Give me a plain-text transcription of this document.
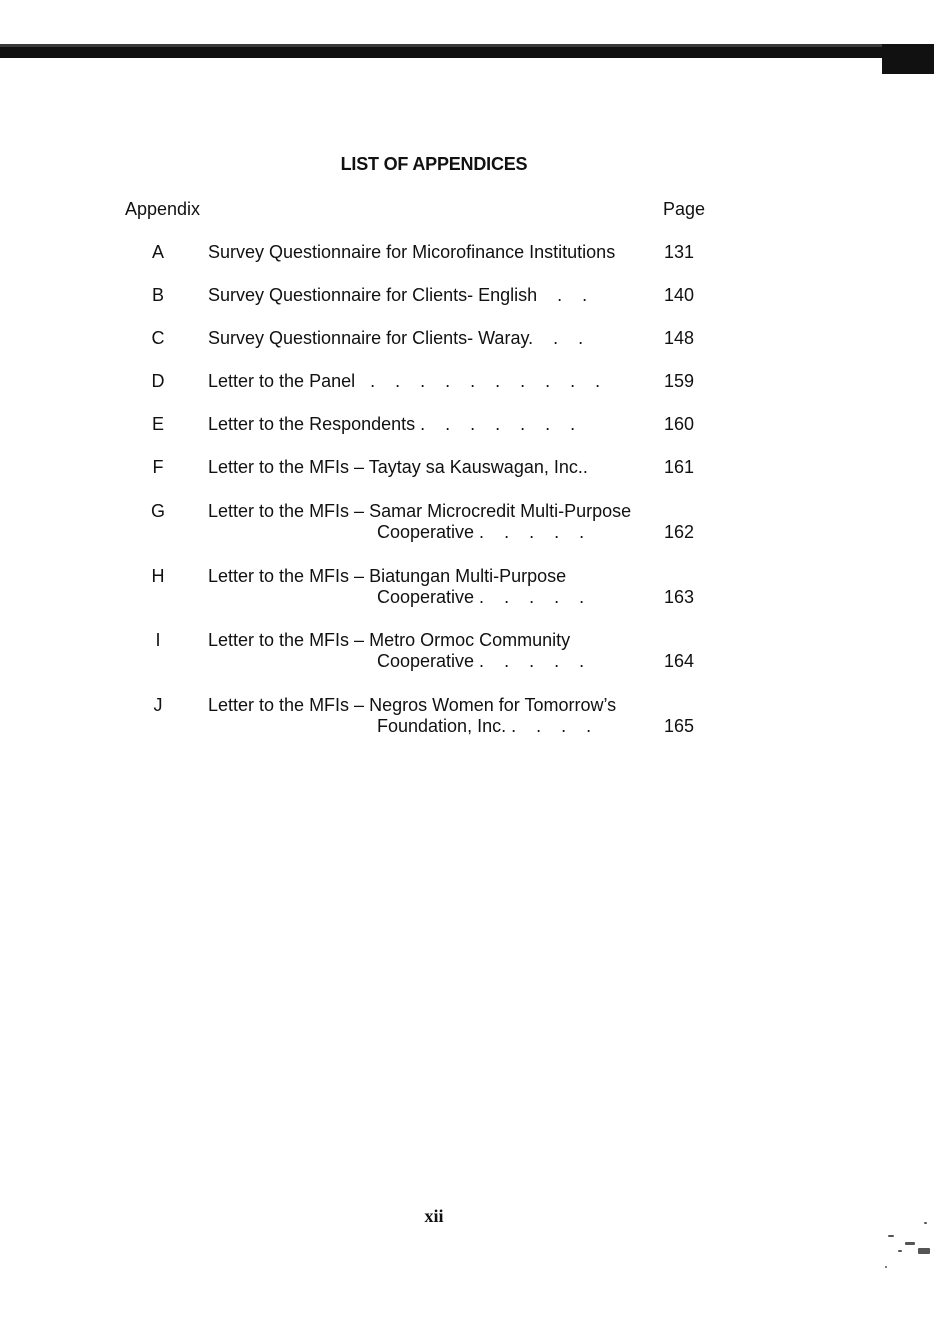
LIST OF APPENDICES
Appendix	Page
A Survey Questionnaire for Micorofinance Institutions	131
B Survey Questionnaire for Clients- English    .    .	140
C Survey Questionnaire for Clients- Waray.    .    .	148
D Letter to the Panel   .    .    .    .    .    .    .    .    .    .	159
E Letter to the Respondents .    .    .    .    .    .    .	160
F Letter to the MFIs – Taytay sa Kauswagan, Inc..	161
G Letter to the MFIs – Samar Microcredit Multi-Purpose
Cooperative .    .    .    .    .	162
H Letter to the MFIs – Biatungan Multi-Purpose
Cooperative .    .    .    .    .	163
I	Letter to the MFIs – Metro Ormoc Community
Cooperative .    .    .    .    .	164
J	Letter to the MFIs – Negros Women for Tomorrow’s
Foundation, Inc. .    .    .    .	165
xii
